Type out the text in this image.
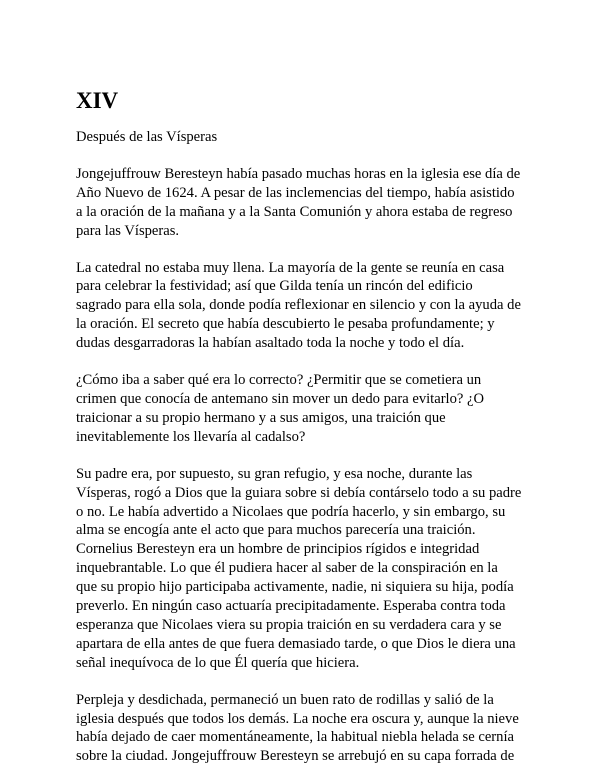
XIV
Después de las Vísperas
Jongejuffrouw Beresteyn había pasado muchas horas en la iglesia ese día de
Año Nuevo de 1624. A pesar de las inclemencias del tiempo, había asistido
a la oración de la mañana y a la Santa Comunión y ahora estaba de regreso
para las Vísperas.
La catedral no estaba muy llena. La mayoría de la gente se reunía en casa
para celebrar la festividad; así que Gilda tenía un rincón del edificio
sagrado para ella sola, donde podía reflexionar en silencio y con la ayuda de
la oración. El secreto que había descubierto le pesaba profundamente; y
dudas desgarradoras la habían asaltado toda la noche y todo el día.
¿Cómo iba a saber qué era lo correcto? ¿Permitir que se cometiera un
crimen que conocía de antemano sin mover un dedo para evitarlo? ¿O
traicionar a su propio hermano y a sus amigos, una traición que
inevitablemente los llevaría al cadalso?
Su padre era, por supuesto, su gran refugio, y esa noche, durante las
Vísperas, rogó a Dios que la guiara sobre si debía contárselo todo a su padre
o no. Le había advertido a Nicolaes que podría hacerlo, y sin embargo, su
alma se encogía ante el acto que para muchos parecería una traición.
Cornelius Beresteyn era un hombre de principios rígidos e integridad
inquebrantable. Lo que él pudiera hacer al saber de la conspiración en la
que su propio hijo participaba activamente, nadie, ni siquiera su hija, podía
preverlo. En ningún caso actuaría precipitadamente. Esperaba contra toda
esperanza que Nicolaes viera su propia traición en su verdadera cara y se
apartara de ella antes de que fuera demasiado tarde, o que Dios le diera una
señal inequívoca de lo que Él quería que hiciera.
Perpleja y desdichada, permaneció un buen rato de rodillas y salió de la
iglesia después que todos los demás. La noche era oscura y, aunque la nieve
había dejado de caer momentáneamente, la habitual niebla helada se cernía
sobre la ciudad. Jongejuffrouw Beresteyn se arrebujó en su capa forrada de
